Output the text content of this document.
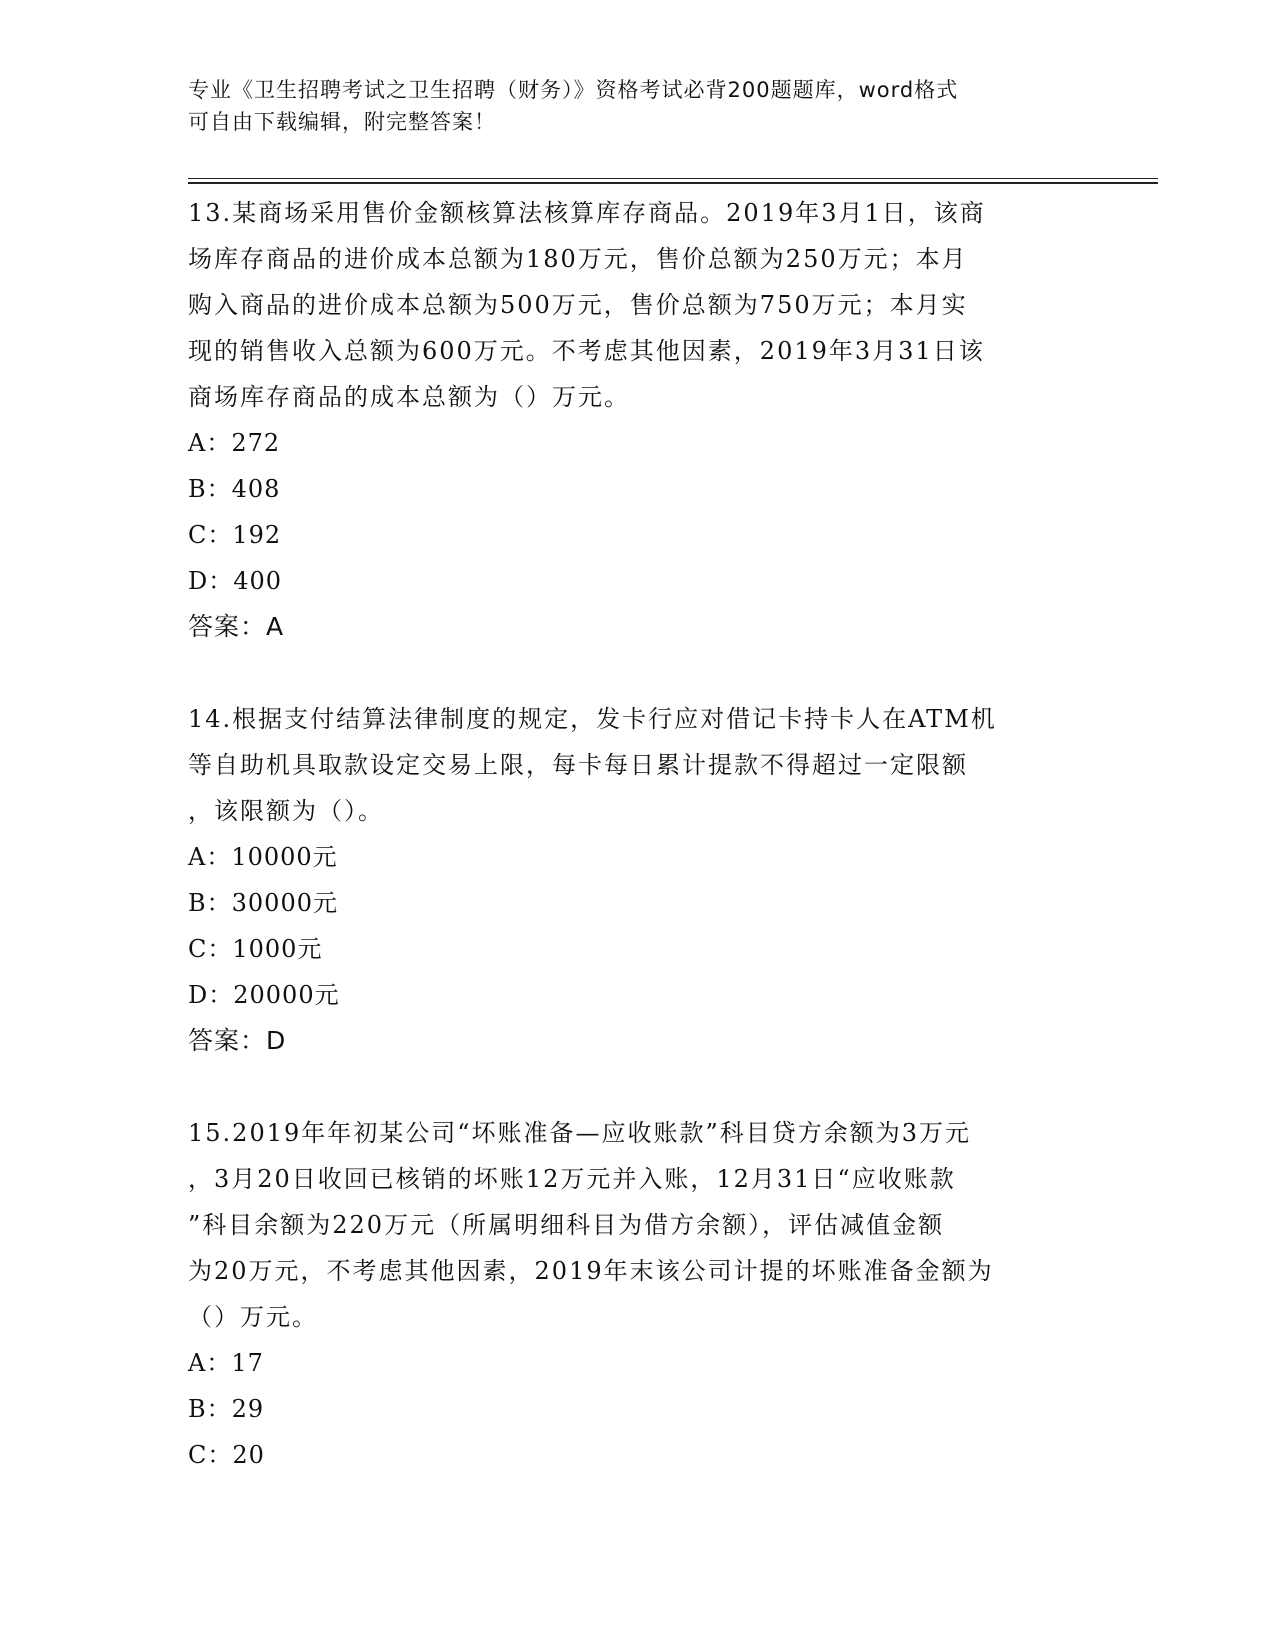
专业《卫生招聘考试之卫生招聘（财务）》资格考试必背200题题库，word格式
可自由下载编辑，附完整答案！

13.某商场采用售价金额核算法核算库存商品。2019年3月1日，该商
场库存商品的进价成本总额为180万元，售价总额为250万元；本月
购入商品的进价成本总额为500万元，售价总额为750万元；本月实
现的销售收入总额为600万元。不考虑其他因素，2019年3月31日该
商场库存商品的成本总额为（）万元。

A：272

B：408

C：192

D：400

答案：A

14.根据支付结算法律制度的规定，发卡行应对借记卡持卡人在ATM机
等自助机具取款设定交易上限，每卡每日累计提款不得超过一定限额
，该限额为（）。

A：10000元

B：30000元

C：1000元

D：20000元

答案：D

15.2019年年初某公司“坏账准备—应收账款”科目贷方余额为3万元
，3月20日收回已核销的坏账12万元并入账，12月31日“应收账款
”科目余额为220万元（所属明细科目为借方余额），评估减值金额
为20万元，不考虑其他因素，2019年末该公司计提的坏账准备金额为
（）万元。

A：17

B：29

C：20
